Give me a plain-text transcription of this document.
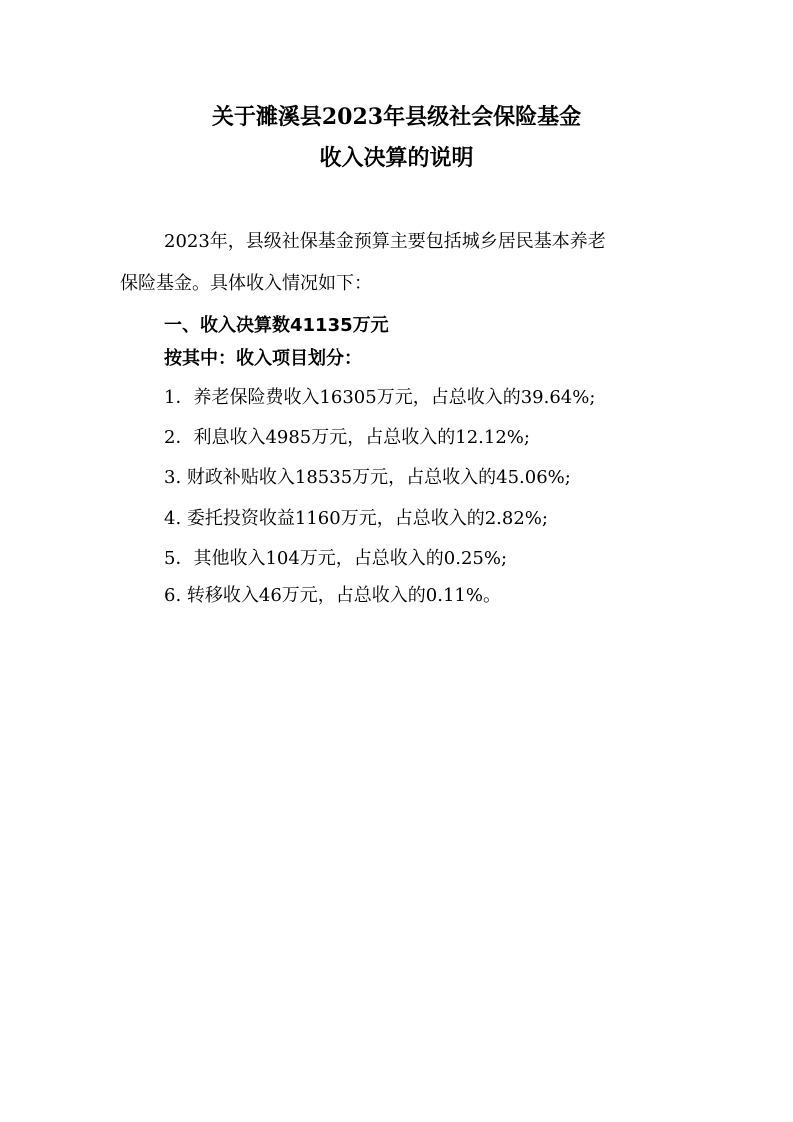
关于濉溪县2023年县级社会保险基金
收入决算的说明
2023年，县级社保基金预算主要包括城乡居民基本养老
保险基金。具体收入情况如下：
一、收入决算数41135万元
按其中：收入项目划分：
1．养老保险费收入16305万元，占总收入的39.64%;
2．利息收入4985万元，占总收入的12.12%;
3. 财政补贴收入18535万元，占总收入的45.06%;
4. 委托投资收益1160万元，占总收入的2.82%;
5．其他收入104万元，占总收入的0.25%;
6. 转移收入46万元，占总收入的0.11%。
